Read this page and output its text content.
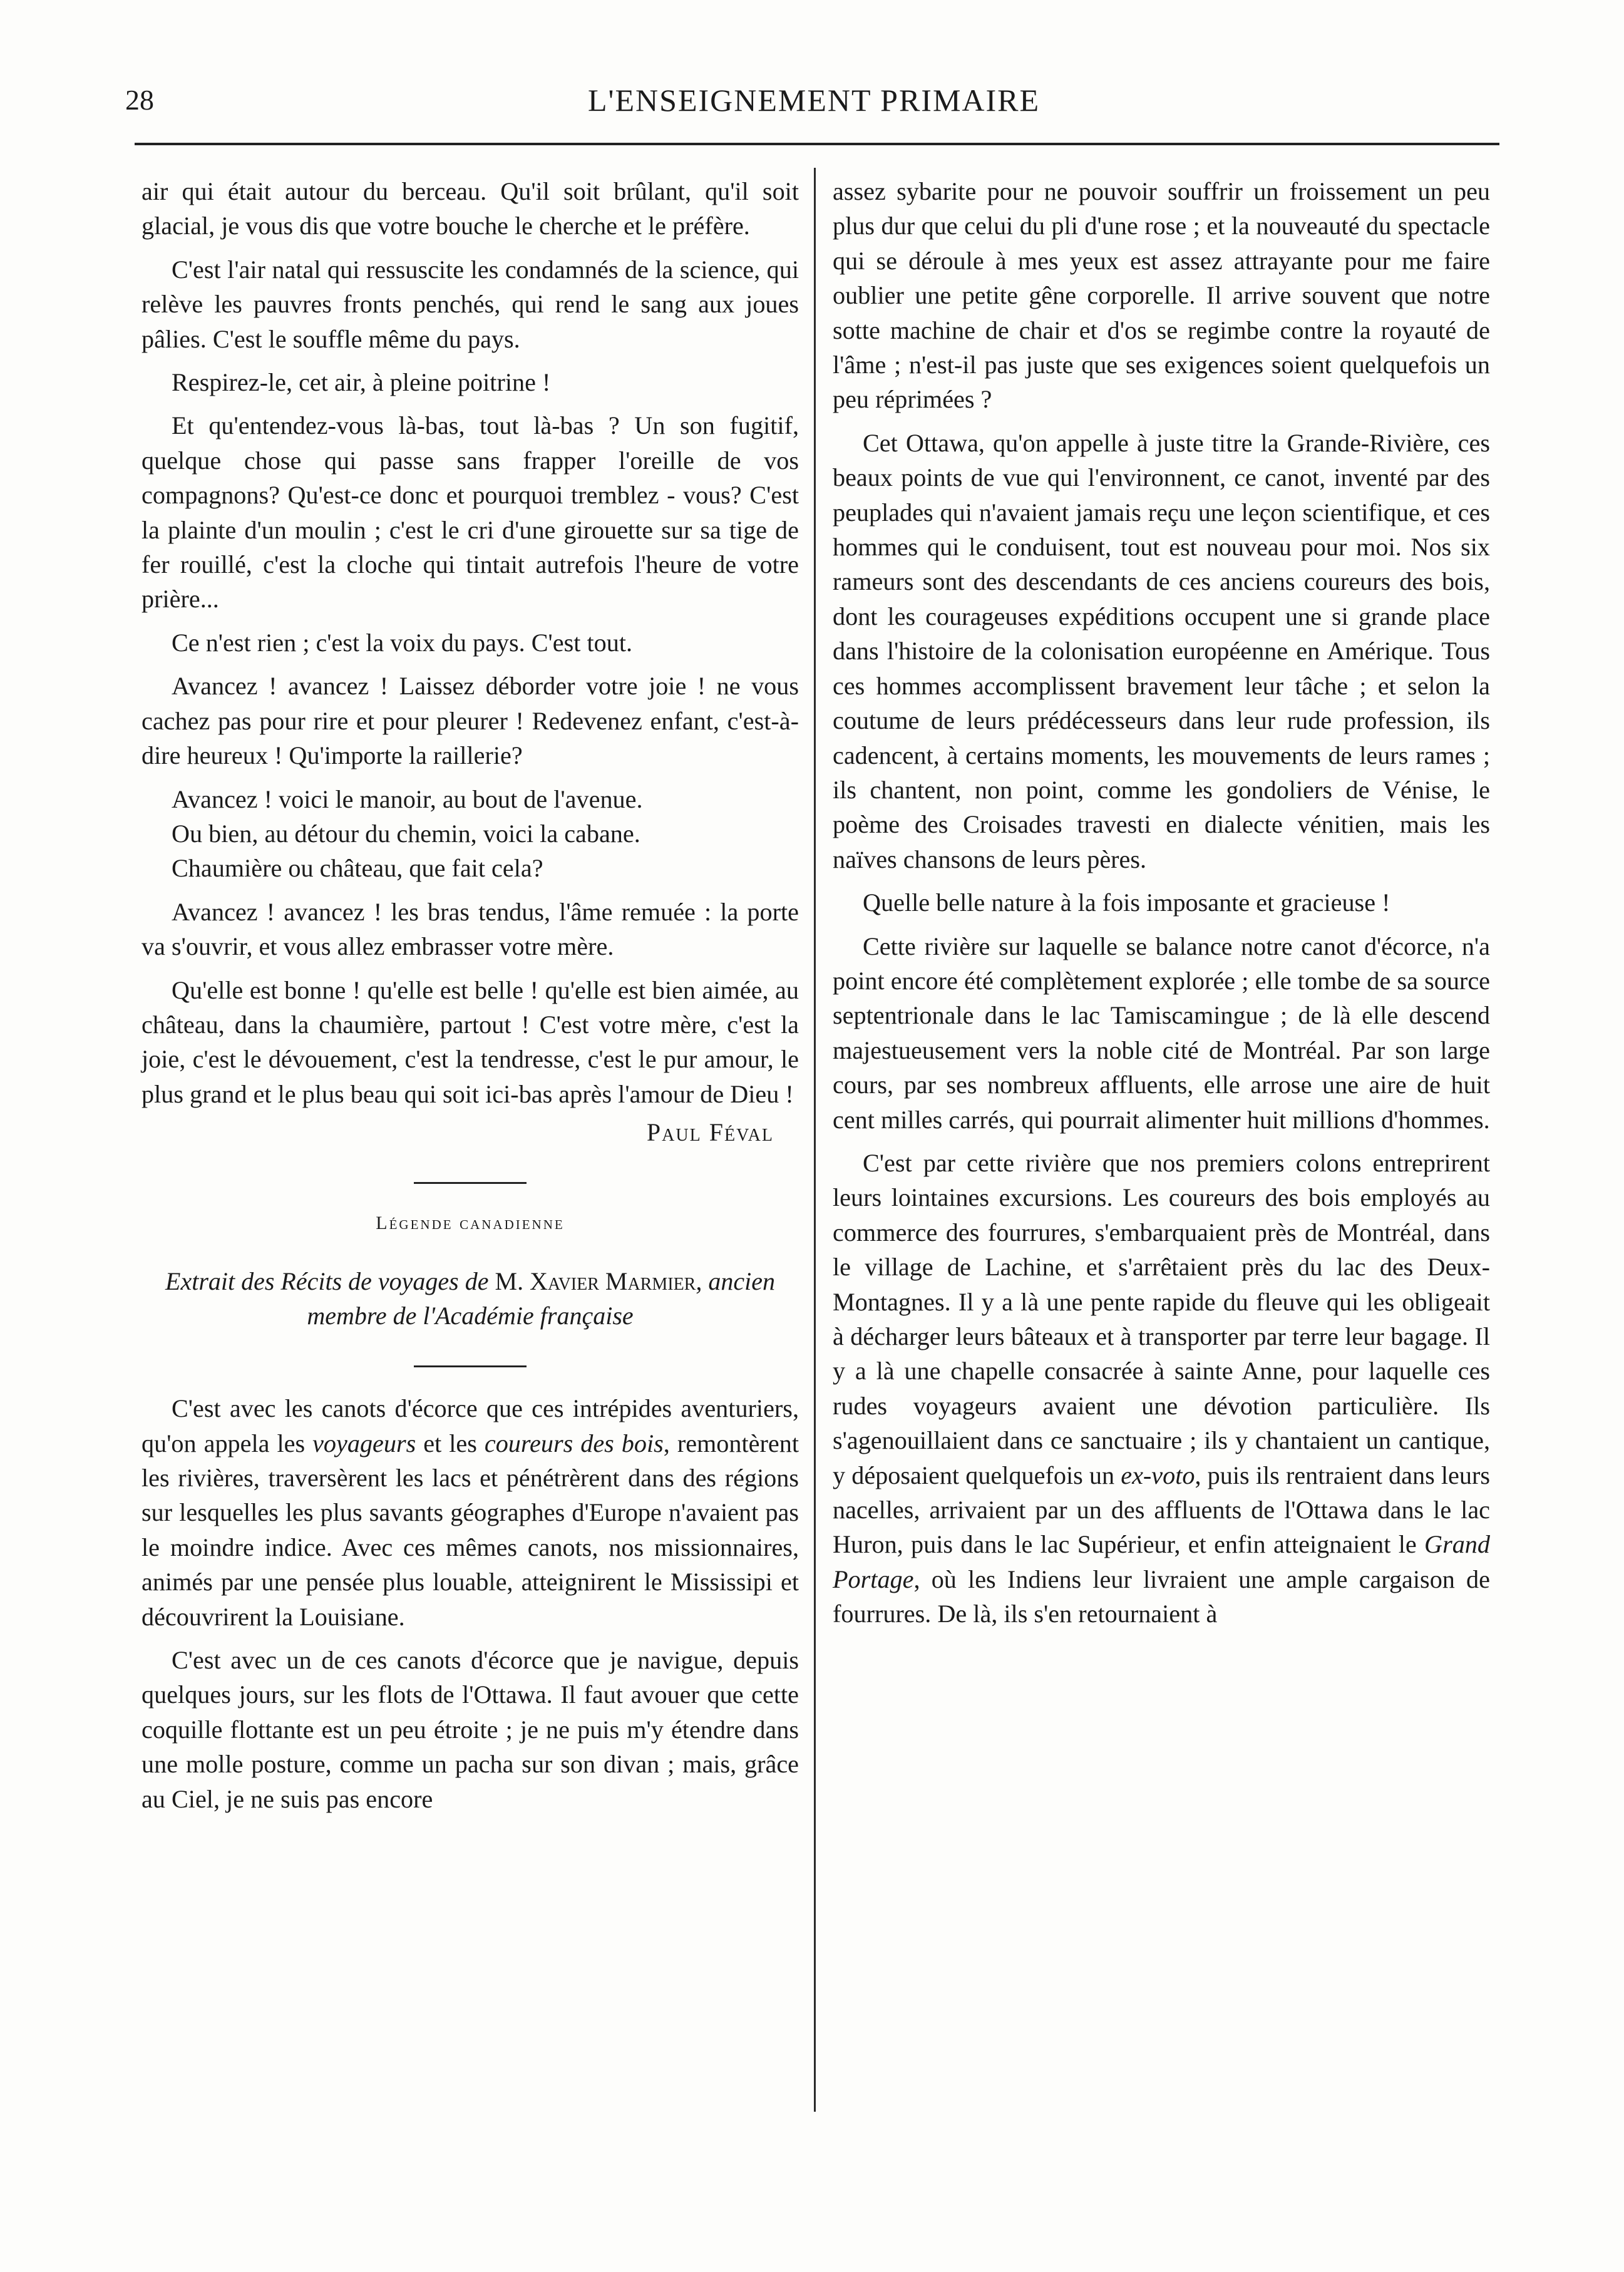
28	L'ENSEIGNEMENT PRIMAIRE

air qui était autour du berceau. Qu'il soit brûlant, qu'il soit glacial, je vous dis que votre bouche le cherche et le préfère.

C'est l'air natal qui ressuscite les condamnés de la science, qui relève les pauvres fronts penchés, qui rend le sang aux joues pâlies. C'est le souffle même du pays.

Respirez-le, cet air, à pleine poitrine !

Et qu'entendez-vous là-bas, tout là-bas ? Un son fugitif, quelque chose qui passe sans frapper l'oreille de vos compagnons? Qu'est-ce donc et pourquoi tremblez - vous? C'est la plainte d'un moulin ; c'est le cri d'une girouette sur sa tige de fer rouillé, c'est la cloche qui tintait autrefois l'heure de votre prière...

Ce n'est rien ; c'est la voix du pays. C'est tout.

Avancez ! avancez ! Laissez déborder votre joie ! ne vous cachez pas pour rire et pour pleurer ! Redevenez enfant, c'est-à-dire heureux ! Qu'importe la raillerie?

Avancez ! voici le manoir, au bout de l'avenue.

Ou bien, au détour du chemin, voici la cabane.

Chaumière ou château, que fait cela?

Avancez ! avancez ! les bras tendus, l'âme remuée : la porte va s'ouvrir, et vous allez embrasser votre mère.

Qu'elle est bonne ! qu'elle est belle ! qu'elle est bien aimée, au château, dans la chaumière, partout ! C'est votre mère, c'est la joie, c'est le dévouement, c'est la tendresse, c'est le pur amour, le plus grand et le plus beau qui soit ici-bas après l'amour de Dieu !

Paul Féval
Légende canadienne
Extrait des Récits de voyages de M. Xavier Marmier, ancien membre de l'Académie française

C'est avec les canots d'écorce que ces intrépides aventuriers, qu'on appela les voyageurs et les coureurs des bois, remontèrent les rivières, traversèrent les lacs et pénétrèrent dans des régions sur lesquelles les plus savants géographes d'Europe n'avaient pas le moindre indice. Avec ces mêmes canots, nos missionnaires, animés par une pensée plus louable, atteignirent le Mississipi et découvrirent la Louisiane.

C'est avec un de ces canots d'écorce que je navigue, depuis quelques jours, sur les flots de l'Ottawa. Il faut avouer que cette coquille flottante est un peu étroite ; je ne puis m'y étendre dans une molle posture, comme un pacha sur son divan ; mais, grâce au Ciel, je ne suis pas encore

assez sybarite pour ne pouvoir souffrir un froissement un peu plus dur que celui du pli d'une rose ; et la nouveauté du spectacle qui se déroule à mes yeux est assez attrayante pour me faire oublier une petite gêne corporelle. Il arrive souvent que notre sotte machine de chair et d'os se regimbe contre la royauté de l'âme ; n'est-il pas juste que ses exigences soient quelquefois un peu réprimées ?

Cet Ottawa, qu'on appelle à juste titre la Grande-Rivière, ces beaux points de vue qui l'environnent, ce canot, inventé par des peuplades qui n'avaient jamais reçu une leçon scientifique, et ces hommes qui le conduisent, tout est nouveau pour moi. Nos six rameurs sont des descendants de ces anciens coureurs des bois, dont les courageuses expéditions occupent une si grande place dans l'histoire de la colonisation européenne en Amérique. Tous ces hommes accomplissent bravement leur tâche ; et selon la coutume de leurs prédécesseurs dans leur rude profession, ils cadencent, à certains moments, les mouvements de leurs rames ; ils chantent, non point, comme les gondoliers de Vénise, le poème des Croisades travesti en dialecte vénitien, mais les naïves chansons de leurs pères.

Quelle belle nature à la fois imposante et gracieuse !

Cette rivière sur laquelle se balance notre canot d'écorce, n'a point encore été complètement explorée ; elle tombe de sa source septentrionale dans le lac Tamiscamingue ; de là elle descend majestueusement vers la noble cité de Montréal. Par son large cours, par ses nombreux affluents, elle arrose une aire de huit cent milles carrés, qui pourrait alimenter huit millions d'hommes.

C'est par cette rivière que nos premiers colons entreprirent leurs lointaines excursions. Les coureurs des bois employés au commerce des fourrures, s'embarquaient près de Montréal, dans le village de Lachine, et s'arrêtaient près du lac des Deux-Montagnes. Il y a là une pente rapide du fleuve qui les obligeait à décharger leurs bâteaux et à transporter par terre leur bagage. Il y a là une chapelle consacrée à sainte Anne, pour laquelle ces rudes voyageurs avaient une dévotion particulière. Ils s'agenouillaient dans ce sanctuaire ; ils y chantaient un cantique, y déposaient quelquefois un ex-voto, puis ils rentraient dans leurs nacelles, arrivaient par un des affluents de l'Ottawa dans le lac Huron, puis dans le lac Supérieur, et enfin atteignaient le Grand Portage, où les Indiens leur livraient une ample cargaison de fourrures. De là, ils s'en retournaient à
